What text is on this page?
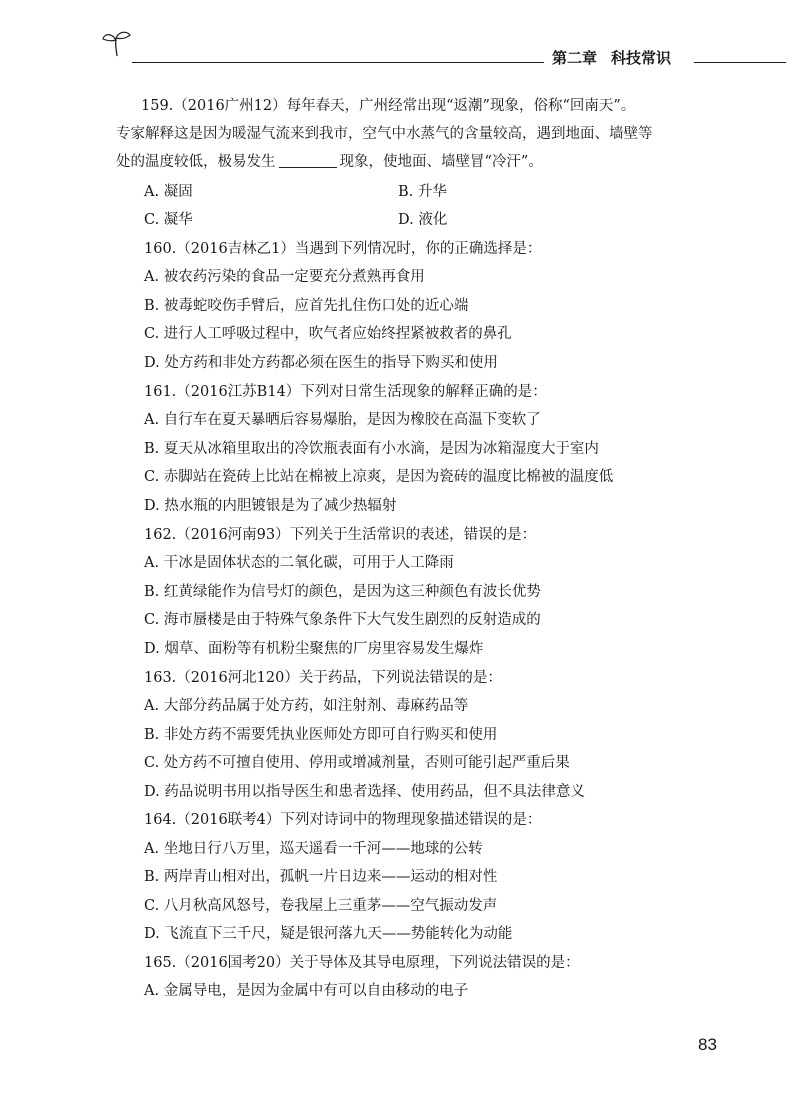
第二章 科技常识
159.（2016广州12）每年春天，广州经常出现“返潮”现象，俗称“回南天”。
专家解释这是因为暖湿气流来到我市，空气中水蒸气的含量较高，遇到地面、墙壁等
处的温度较低，极易发生	现象，使地面、墙壁冒“冷汗”。
A. 凝固	B. 升华
C. 凝华	D. 液化
160.（2016吉林乙1）当遇到下列情况时，你的正确选择是：
A. 被农药污染的食品一定要充分煮熟再食用
B. 被毒蛇咬伤手臂后，应首先扎住伤口处的近心端
C. 进行人工呼吸过程中，吹气者应始终捏紧被救者的鼻孔
D. 处方药和非处方药都必须在医生的指导下购买和使用
161.（2016江苏B14）下列对日常生活现象的解释正确的是：
A. 自行车在夏天暴晒后容易爆胎，是因为橡胶在高温下变软了
B. 夏天从冰箱里取出的冷饮瓶表面有小水滴，是因为冰箱湿度大于室内
C. 赤脚站在瓷砖上比站在棉被上凉爽，是因为瓷砖的温度比棉被的温度低
D. 热水瓶的内胆镀银是为了减少热辐射
162.（2016河南93）下列关于生活常识的表述，错误的是：
A. 干冰是固体状态的二氧化碳，可用于人工降雨
B. 红黄绿能作为信号灯的颜色，是因为这三种颜色有波长优势
C. 海市蜃楼是由于特殊气象条件下大气发生剧烈的反射造成的
D. 烟草、面粉等有机粉尘聚焦的厂房里容易发生爆炸
163.（2016河北120）关于药品，下列说法错误的是：
A. 大部分药品属于处方药，如注射剂、毒麻药品等
B. 非处方药不需要凭执业医师处方即可自行购买和使用
C. 处方药不可擅自使用、停用或增减剂量，否则可能引起严重后果
D. 药品说明书用以指导医生和患者选择、使用药品，但不具法律意义
164.（2016联考4）下列对诗词中的物理现象描述错误的是：
A. 坐地日行八万里，巡天遥看一千河——地球的公转
B. 两岸青山相对出，孤帆一片日边来——运动的相对性
C. 八月秋高风怒号，卷我屋上三重茅——空气振动发声
D. 飞流直下三千尺，疑是银河落九天——势能转化为动能
165.（2016国考20）关于导体及其导电原理，下列说法错误的是：
A. 金属导电，是因为金属中有可以自由移动的电子
83
